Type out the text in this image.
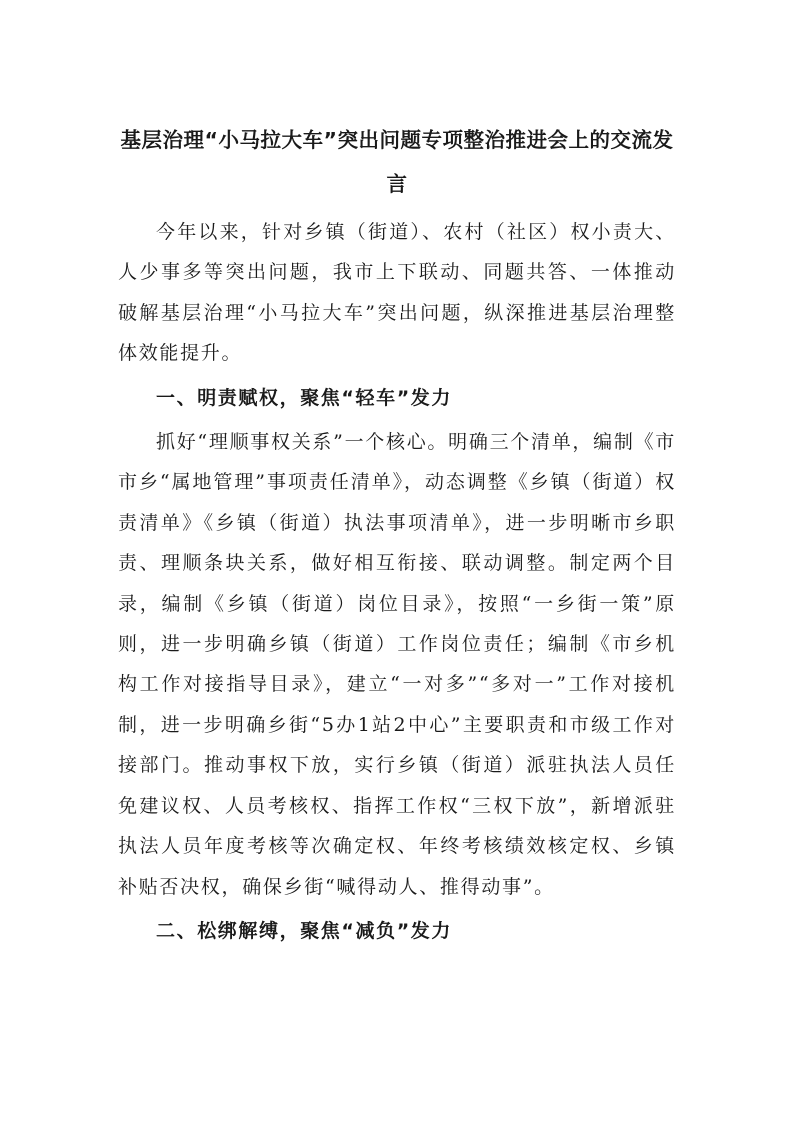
基层治理“小马拉大车”突出问题专项整治推进会上的交流发言

今年以来，针对乡镇（街道）、农村（社区）权小责大、人少事多等突出问题，我市上下联动、同题共答、一体推动破解基层治理“小马拉大车”突出问题，纵深推进基层治理整体效能提升。

一、明责赋权，聚焦“轻车”发力

抓好“理顺事权关系”一个核心。明确三个清单，编制《市市乡“属地管理”事项责任清单》，动态调整《乡镇（街道）权责清单》《乡镇（街道）执法事项清单》，进一步明晰市乡职责、理顺条块关系，做好相互衔接、联动调整。制定两个目录，编制《乡镇（街道）岗位目录》，按照“一乡街一策”原则，进一步明确乡镇（街道）工作岗位责任；编制《市乡机构工作对接指导目录》，建立“一对多”“多对一”工作对接机制，进一步明确乡街“5办1站2中心”主要职责和市级工作对接部门。推动事权下放，实行乡镇（街道）派驻执法人员任免建议权、人员考核权、指挥工作权“三权下放”，新增派驻执法人员年度考核等次确定权、年终考核绩效核定权、乡镇补贴否决权，确保乡街“喊得动人、推得动事”。

二、松绑解缚，聚焦“减负”发力
